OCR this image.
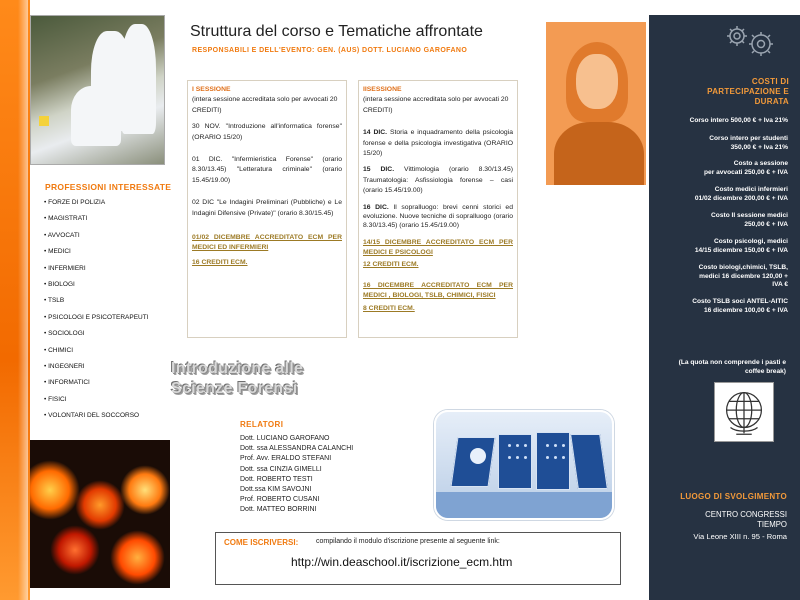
PROFESSIONI INTERESSATE
• FORZE DI POLIZIA
• MAGISTRATI
• AVVOCATI
• MEDICI
• INFERMIERI
• BIOLOGI
• TSLB
• PSICOLOGI E PSICOTERAPEUTI
• SOCIOLOGI
• CHIMICI
• INGEGNERI
• INFORMATICI
• FISICI
• VOLONTARI DEL SOCCORSO
Struttura del corso e Tematiche affrontate
RESPONSABILI E DELL'EVENTO: GEN. (AUS) DOTT. LUCIANO GAROFANO
I SESSIONE
(intera sessione accreditata solo per avvocati 20 CREDITI)
30 NOV. "Introduzione all'informatica forense" (ORARIO 15/20)
01 DIC. "Infermieristica Forense" (orario 8.30/13.45) "Letteratura criminale" (orario 15.45/19.00)
02 DIC "Le Indagini Preliminari (Pubbliche) e Le Indagini Difensive (Private)" (orario 8.30/15.45)
01/02 DICEMBRE ACCREDITATO ECM PER MEDICI ED INFERMIERI
16 CREDITI ECM.
IISESSIONE
(intera sessione accreditata solo per avvocati 20 CREDITI)
14 DIC. Storia e inquadramento della psicologia forense e della psicologia investigativa (ORARIO 15/20)
15 DIC. Vittimologia (orario 8.30/13.45) Traumatologia: Asfissiologia forense – casi (orario 15.45/19.00)
16 DIC. Il sopralluogo: brevi cenni storici ed evoluzione. Nuove tecniche di sopralluogo (orario 8.30/13.45) (orario 15.45/19.00)
14/15 DICEMBRE ACCREDITATO ECM PER MEDICI E PSICOLOGI
12 CREDITI ECM.
16 DICEMBRE ACCREDITATO ECM PER MEDICI , BIOLOGI, TSLB, CHIMICI, FISICI
8 CREDITI ECM.
Introduzione alle
Scienze Forensi
RELATORI
Dott. LUCIANO GAROFANO
Dott. ssa ALESSANDRA CALANCHI
Prof. Avv. ERALDO STEFANI
Dott. ssa CINZIA GIMELLI
Dott. ROBERTO TESTI
Dott.ssa KIM SAVOJNI
Prof. ROBERTO CUSANI
Dott. MATTEO BORRINI
COME ISCRIVERSI:	compilando il modulo d'iscrizione presente al seguente link:
http://win.deaschool.it/iscrizione_ecm.htm
COSTI DI
PARTECIPAZIONE E
DURATA
Corso intero 500,00 € + Iva 21%
Corso intero per studenti
350,00 € + Iva 21%
Costo a sessione
per avvocati 250,00 € + IVA
Costo medici infermieri
01/02 dicembre 200,00 € + IVA
Costo II sessione medici
250,00 € + IVA
Costo psicologi, medici
14/15 dicembre 150,00 € + IVA
Costo biologi,chimici, TSLB,
medici 16 dicembre 120,00 +
IVA €
Costo TSLB soci ANTEL-AITIC
16 dicembre 100,00 € + IVA
(La quota non comprende i pasti e coffee break)
LUOGO DI SVOLGIMENTO
CENTRO CONGRESSI TIEMPO
Via Leone XIII n. 95 - Roma
